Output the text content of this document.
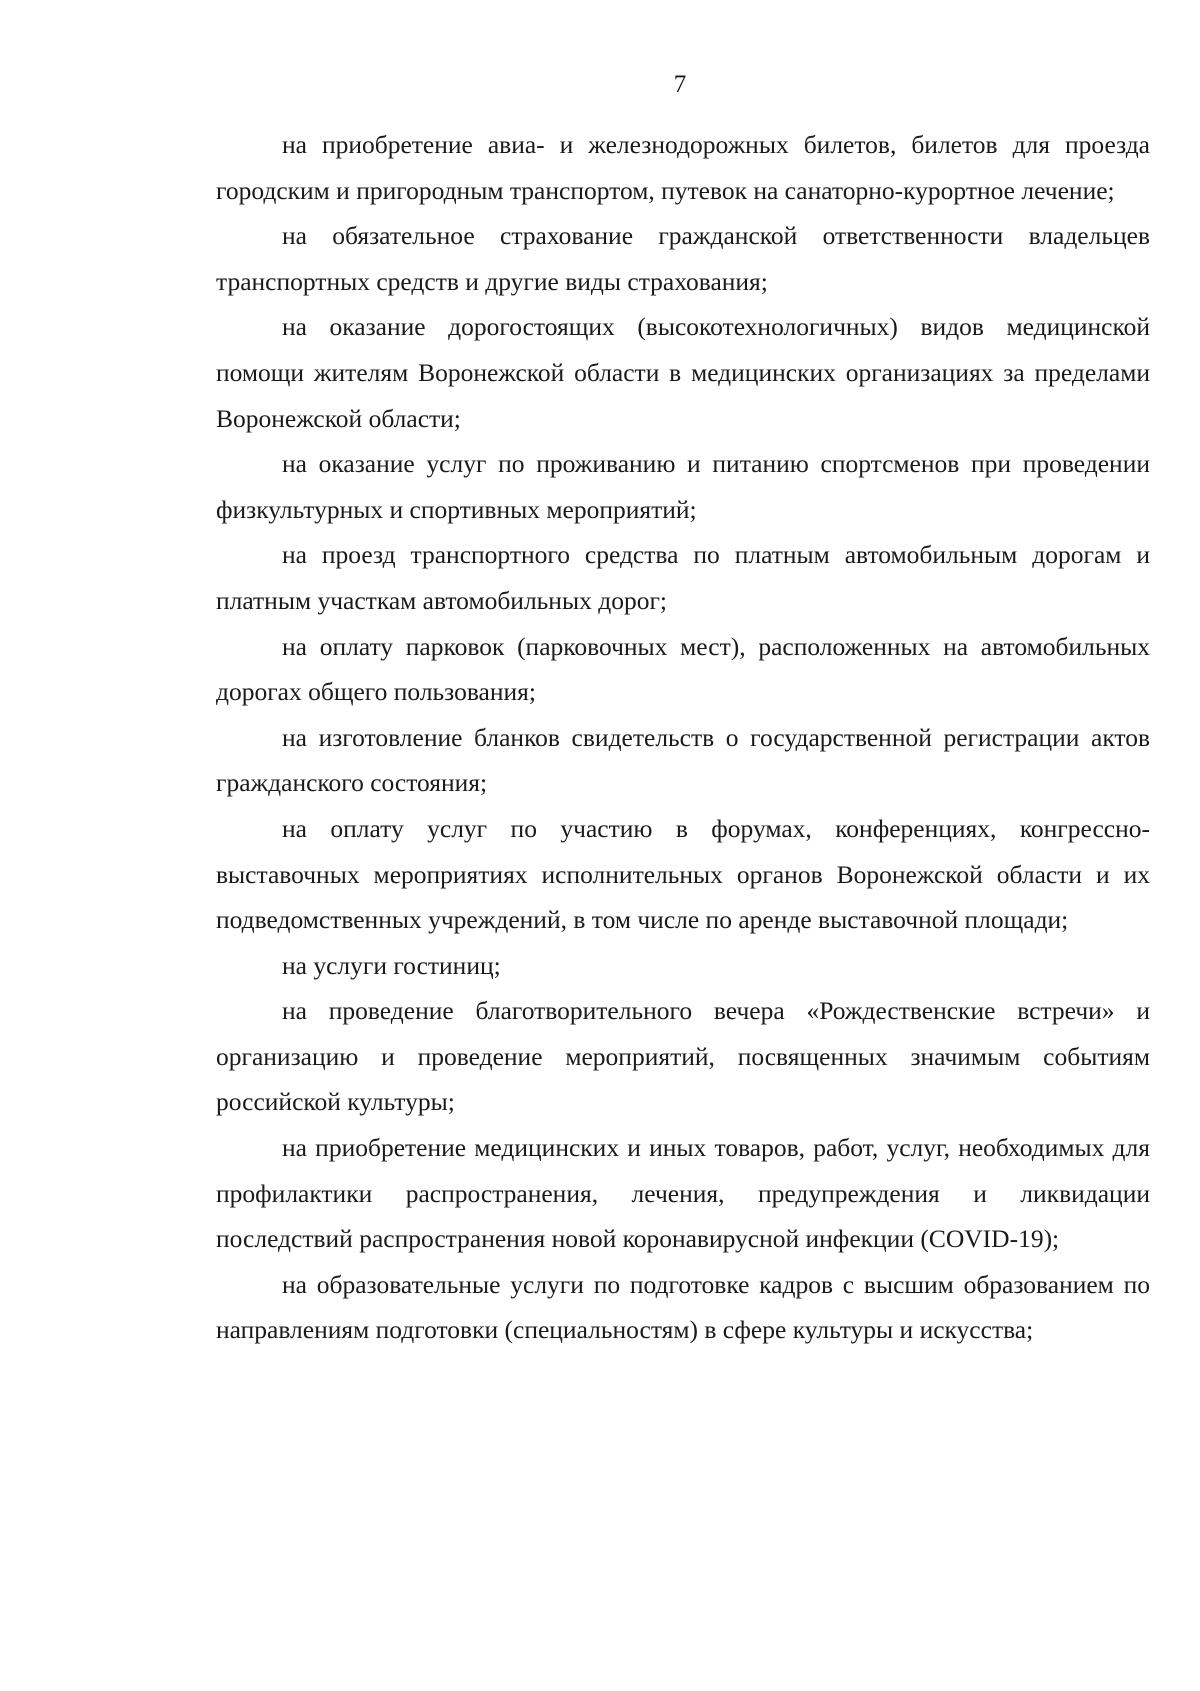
7

на приобретение авиа- и железнодорожных билетов, билетов для проезда городским и пригородным транспортом, путевок на санаторно-курортное лечение;

на обязательное страхование гражданской ответственности владельцев транспортных средств и другие виды страхования;

на оказание дорогостоящих (высокотехнологичных) видов медицинской помощи жителям Воронежской области в медицинских организациях за пределами Воронежской области;

на оказание услуг по проживанию и питанию спортсменов при проведении физкультурных и спортивных мероприятий;

на проезд транспортного средства по платным автомобильным дорогам и платным участкам автомобильных дорог;

на оплату парковок (парковочных мест), расположенных на автомобильных дорогах общего пользования;

на изготовление бланков свидетельств о государственной регистрации актов гражданского состояния;

на оплату услуг по участию в форумах, конференциях, конгрессно-выставочных мероприятиях исполнительных органов Воронежской области и их подведомственных учреждений, в том числе по аренде выставочной площади;

на услуги гостиниц;

на проведение благотворительного вечера «Рождественские встречи» и организацию и проведение мероприятий, посвященных значимым событиям российской культуры;

на приобретение медицинских и иных товаров, работ, услуг, необходимых для профилактики распространения, лечения, предупреждения и ликвидации последствий распространения новой коронавирусной инфекции (COVID-19);

на образовательные услуги по подготовке кадров с высшим образованием по направлениям подготовки (специальностям) в сфере культуры и искусства;
